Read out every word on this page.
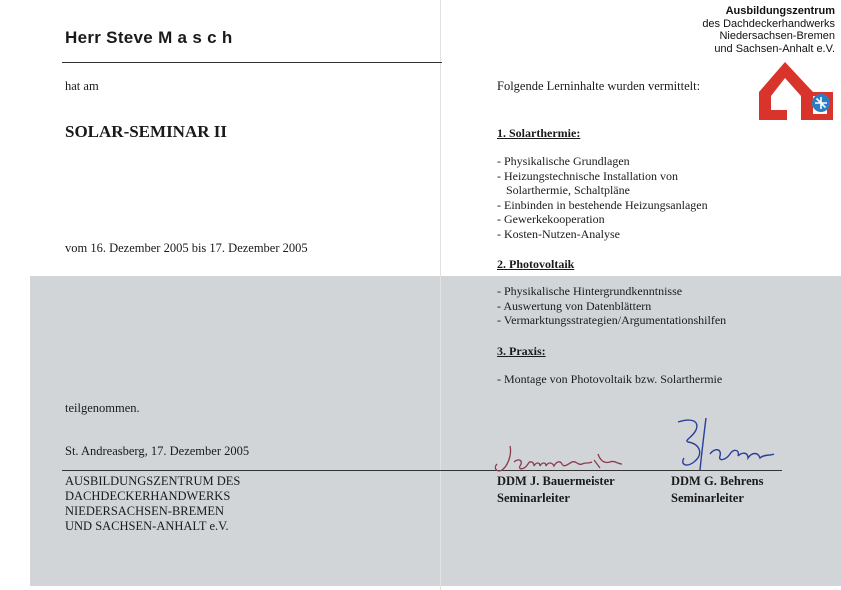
Herr Steve M a s c h
hat am
SOLAR-SEMINAR II
vom 16. Dezember 2005 bis 17. Dezember 2005
teilgenommen.
St. Andreasberg, 17. Dezember 2005
AUSBILDUNGSZENTRUM DES
DACHDECKERHANDWERKS
NIEDERSACHSEN-BREMEN
UND SACHSEN-ANHALT e.V.
Ausbildungszentrum
des Dachdeckerhandwerks
Niedersachsen-Bremen
und Sachsen-Anhalt e.V.
Folgende Lerninhalte wurden vermittelt:
1. Solarthermie:
- Physikalische Grundlagen
- Heizungstechnische Installation von
Solarthermie, Schaltpläne
- Einbinden in bestehende Heizungsanlagen
- Gewerkekooperation
- Kosten-Nutzen-Analyse
2. Photovoltaik
- Physikalische Hintergrundkenntnisse
- Auswertung von Datenblättern
- Vermarktungsstrategien/Argumentationshilfen
3. Praxis:
- Montage von Photovoltaik bzw. Solarthermie
DDM J. Bauermeister
Seminarleiter
DDM G. Behrens
Seminarleiter
